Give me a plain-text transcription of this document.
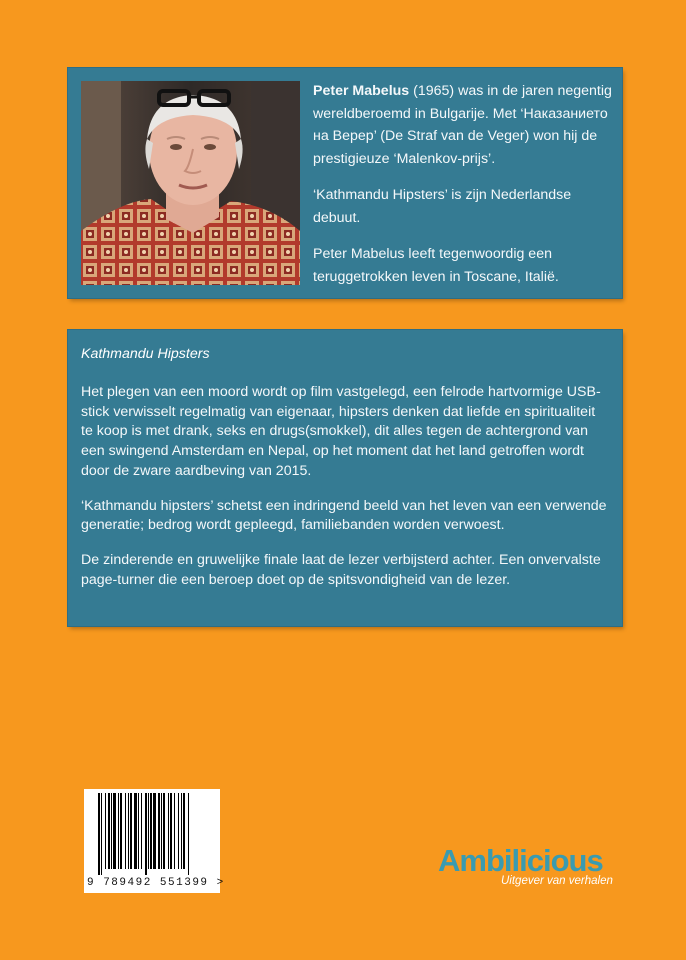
Peter Mabelus (1965) was in de jaren negentig wereldberoemd in Bulgarije. Met ‘Наказанието на Вереp’ (De Straf van de Veger) won hij de prestigieuze ‘Malenkov-prijs’.

‘Kathmandu Hipsters’ is zijn Nederlandse debuut.

Peter Mabelus leeft tegenwoordig een teruggetrokken leven in Toscane, Italië.

Kathmandu Hipsters

Het plegen van een moord wordt op film vastgelegd, een felrode hartvormige USB-stick verwisselt regelmatig van eigenaar, hipsters denken dat liefde en spiritualiteit te koop is met drank, seks en drugs(smokkel), dit alles tegen de achtergrond van een swingend Amsterdam en Nepal, op het moment dat het land getroffen wordt door de zware aardbeving van 2015.

‘Kathmandu hipsters’ schetst een indringend beeld van het leven van een verwende generatie; bedrog wordt gepleegd, familiebanden worden verwoest.

De zinderende en gruwelijke finale laat de lezer verbijsterd achter. Een onvervalste page-turner die een beroep doet op de spitsvondigheid van de lezer.

9 789492 551399 >
Ambilicious
Uitgever van verhalen
